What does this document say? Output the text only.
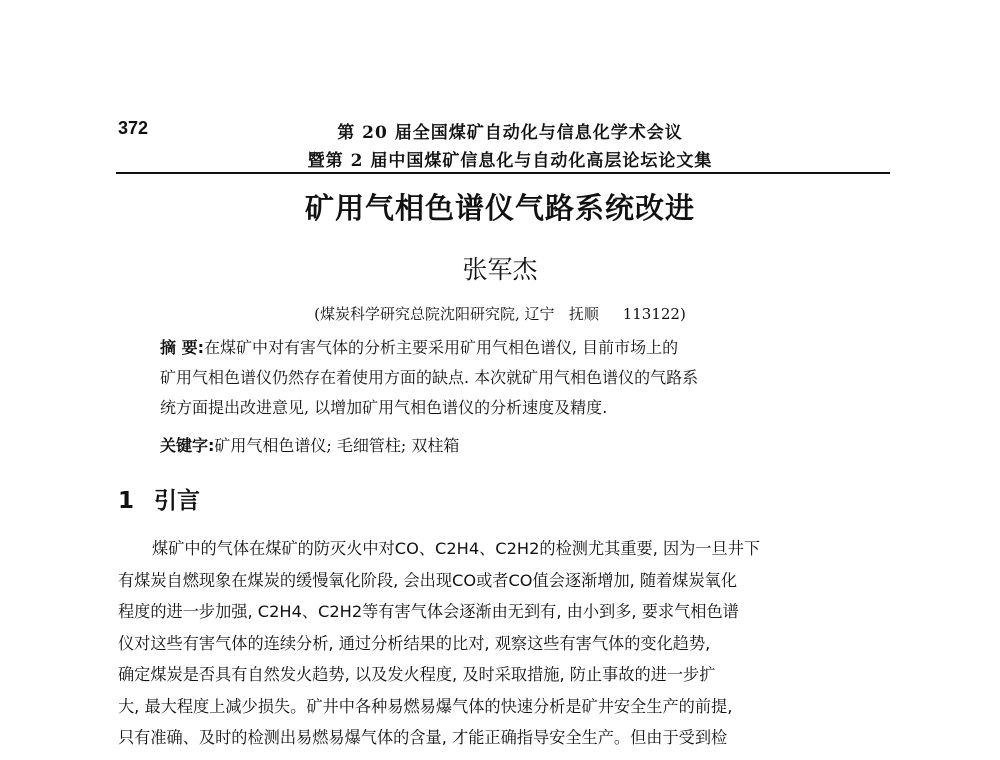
372	第 20 届全国煤矿自动化与信息化学术会议
暨第 2 届中国煤矿信息化与自动化高层论坛论文集
矿用气相色谱仪气路系统改进
张军杰
(煤炭科学研究总院沈阳研究院, 辽宁   抚顺     113122)
摘 要:在煤矿中对有害气体的分析主要采用矿用气相色谱仪, 目前市场上的
矿用气相色谱仪仍然存在着使用方面的缺点. 本次就矿用气相色谱仪的气路系
统方面提出改进意见, 以增加矿用气相色谱仪的分析速度及精度.
关键字:矿用气相色谱仪; 毛细管柱; 双柱箱
1 引言
煤矿中的气体在煤矿的防灭火中对CO、C2H4、C2H2的检测尤其重要, 因为一旦井下
有煤炭自燃现象在煤炭的缓慢氧化阶段, 会出现CO或者CO值会逐渐增加, 随着煤炭氧化
程度的进一步加强, C2H4、C2H2等有害气体会逐渐由无到有, 由小到多, 要求气相色谱
仪对这些有害气体的连续分析, 通过分析结果的比对, 观察这些有害气体的变化趋势,
确定煤炭是否具有自然发火趋势, 以及发火程度, 及时采取措施, 防止事故的进一步扩
大, 最大程度上减少损失。矿井中各种易燃易爆气体的快速分析是矿井安全生产的前提,
只有准确、及时的检测出易燃易爆气体的含量, 才能正确指导安全生产。但由于受到检
